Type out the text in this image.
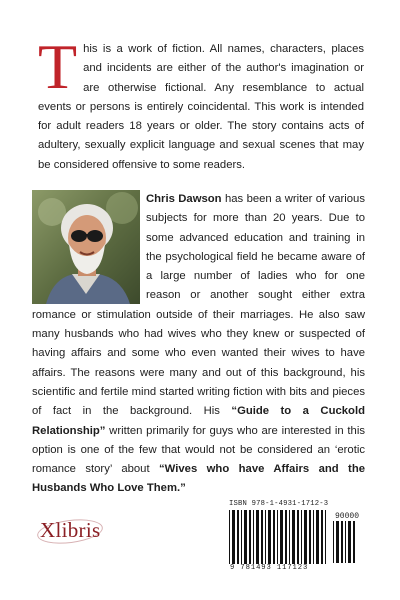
This is a work of fiction. All names, characters, places and incidents are either of the author's imagination or are otherwise fictional. Any resemblance to actual events or persons is entirely coincidental. This work is intended for adult readers 18 years or older. The story contains acts of adultery, sexually explicit language and sexual scenes that may be considered offensive to some readers.

Chris Dawson has been a writer of various subjects for more than 20 years. Due to some advanced education and training in the psychological field he became aware of a large number of ladies who for one reason or another sought either extra romance or stimulation outside of their marriages. He also saw many husbands who had wives who they knew or suspected of having affairs and some who even wanted their wives to have affairs. The reasons were many and out of this background, his scientific and fertile mind started writing fiction with bits and pieces of fact in the background. His “Guide to a Cuckold Relationship” written primarily for guys who are interested in this option is one of the few that would not be considered an ‘erotic romance story’ about “Wives who have Affairs and the Husbands Who Love Them.”

Xlibris
ISBN 978-1-4931-1712-3
90000
9 781493 117123
